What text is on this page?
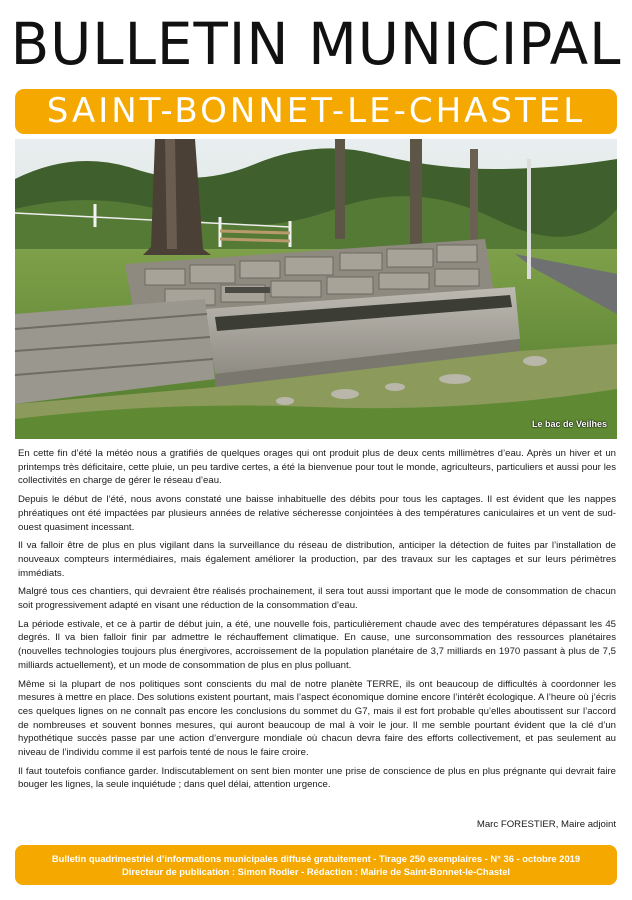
BULLETIN MUNICIPAL
SAINT-BONNET-LE-CHASTEL
Le bac de Veilhes

En cette fin d’été la météo nous a gratifiés de quelques orages qui ont produit plus de deux cents millimètres d’eau. Après un hiver et un printemps très déficitaire, cette pluie, un peu tardive certes, a été la bienvenue pour tout le monde, agriculteurs, particuliers et aussi pour les collectivités en charge de gérer le réseau d’eau.

Depuis le début de l’été, nous avons constaté une baisse inhabituelle des débits pour tous les captages. Il est évident que les nappes phréatiques ont été impactées par plusieurs années de relative sécheresse conjointées à des températures caniculaires et un vent de sud-ouest quasiment incessant.

Il va falloir être de plus en plus vigilant dans la surveillance du réseau de distribution, anticiper la détection de fuites par l’installation de nouveaux compteurs intermédiaires, mais également améliorer la production, par des travaux sur les captages et sur leurs périmètres immédiats.

Malgré tous ces chantiers, qui devraient être réalisés prochainement, il sera tout aussi important que le mode de consommation de chacun soit progressivement adapté en visant une réduction de la consommation d’eau.

La période estivale, et ce à partir de début juin, a été, une nouvelle fois, particulièrement chaude avec des températures dépassant les 45 degrés. Il va bien falloir finir par admettre le réchauffement climatique. En cause, une surconsommation des ressources planétaires (nouvelles technologies toujours plus énergivores, accroissement de la population planétaire de 3,7 milliards en 1970 passant à plus de 7,5 milliards actuellement), et un mode de consommation de plus en plus polluant.

Même si la plupart de nos politiques sont conscients du mal de notre planète TERRE, ils ont beaucoup de difficultés à coordonner les mesures à mettre en place. Des solutions existent pourtant, mais l’aspect économique domine encore l’intérêt écologique. A l’heure où j’écris ces quelques lignes on ne connaît pas encore les conclusions du sommet du G7, mais il est fort probable qu’elles aboutissent sur l’accord de nombreuses et souvent bonnes mesures, qui auront beaucoup de mal à voir le jour. Il me semble pourtant évident que la clé d’un hypothétique succès passe par une action d’envergure mondiale où chacun devra faire des efforts collectivement, et pas seulement au niveau de l’individu comme il est parfois tenté de nous le faire croire.

Il faut toutefois confiance garder. Indiscutablement on sent bien monter une prise de conscience de plus en plus prégnante qui devrait faire bouger les lignes, la seule inquiétude ; dans quel délai, attention urgence.

Marc FORESTIER, Maire adjoint
Bulletin quadrimestriel d’informations municipales diffusé gratuitement - Tirage 250 exemplaires - N° 36 - octobre 2019
Directeur de publication : Simon Rodier - Rédaction : Mairie de Saint-Bonnet-le-Chastel
